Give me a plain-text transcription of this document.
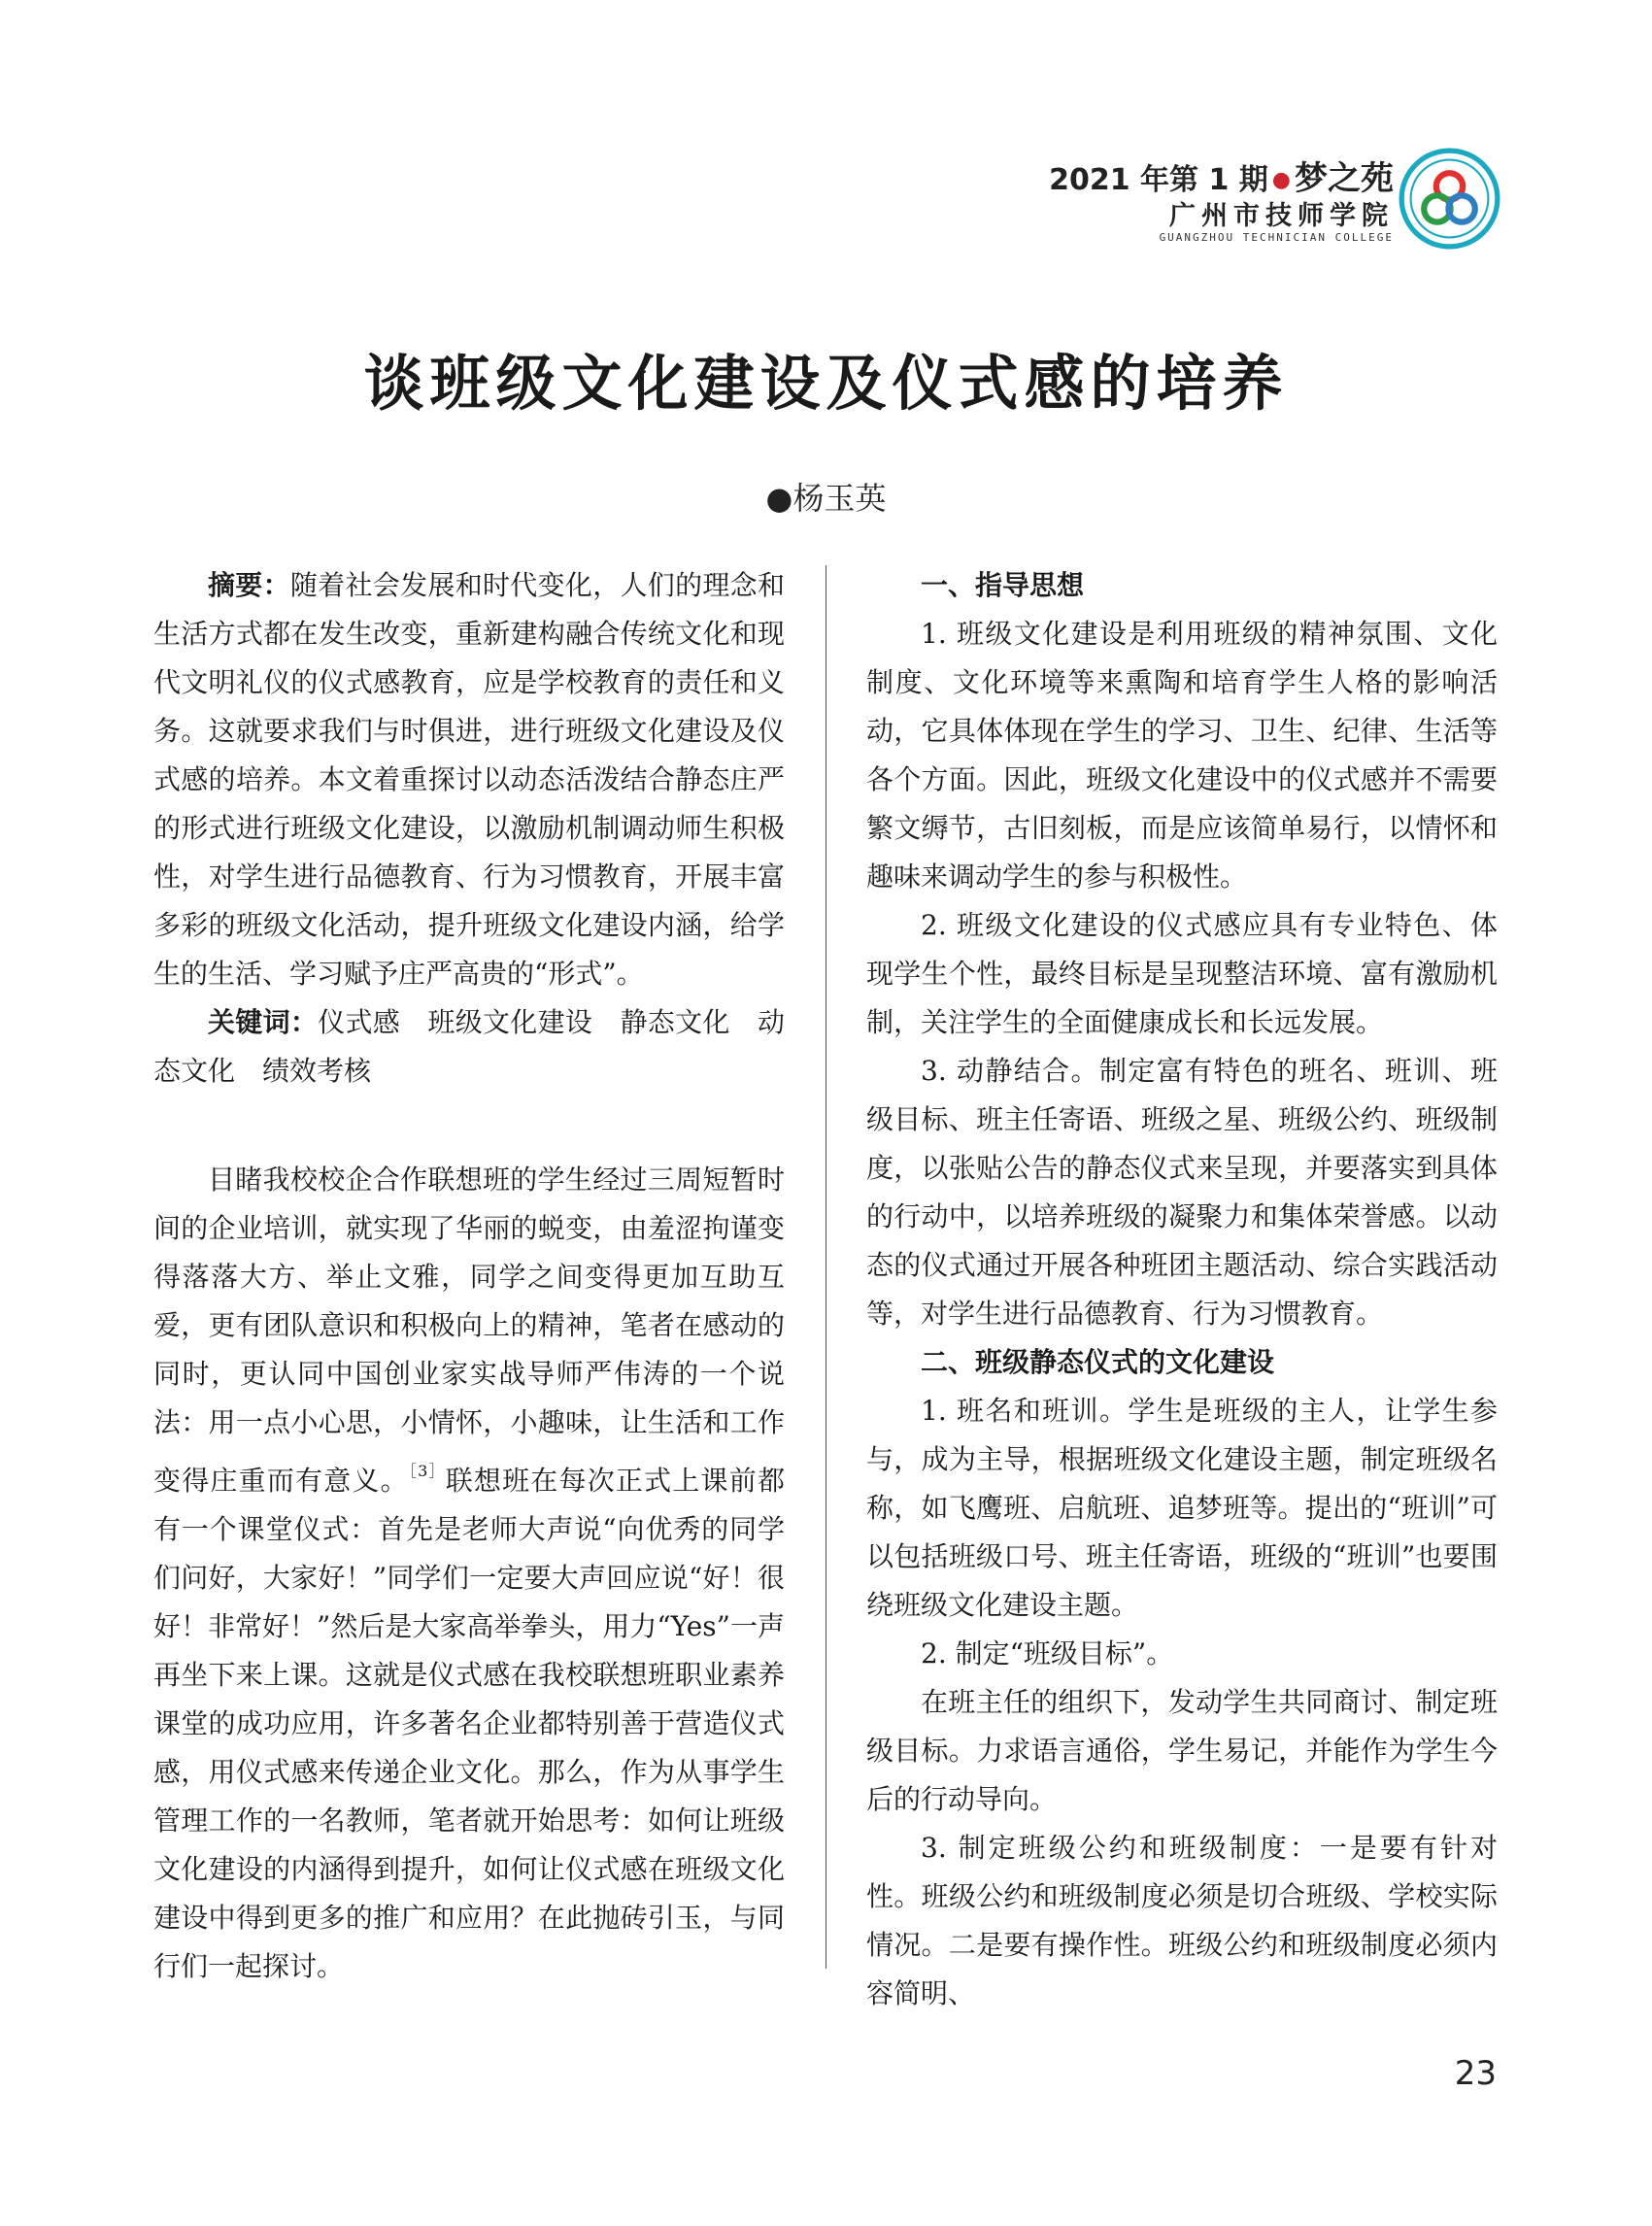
2021 年第 1 期 ● 梦之苑
广州市技师学院
GUANGZHOU TECHNICIAN COLLEGE
谈班级文化建设及仪式感的培养
●杨玉英

摘要：随着社会发展和时代变化，人们的理念和生活方式都在发生改变，重新建构融合传统文化和现代文明礼仪的仪式感教育，应是学校教育的责任和义务。这就要求我们与时俱进，进行班级文化建设及仪式感的培养。本文着重探讨以动态活泼结合静态庄严的形式进行班级文化建设，以激励机制调动师生积极性，对学生进行品德教育、行为习惯教育，开展丰富多彩的班级文化活动，提升班级文化建设内涵，给学生的生活、学习赋予庄严高贵的“形式”。

关键词：仪式感　班级文化建设　静态文化　动态文化　绩效考核

目睹我校校企合作联想班的学生经过三周短暂时间的企业培训，就实现了华丽的蜕变，由羞涩拘谨变得落落大方、举止文雅，同学之间变得更加互助互爱，更有团队意识和积极向上的精神，笔者在感动的同时，更认同中国创业家实战导师严伟涛的一个说法：用一点小心思，小情怀，小趣味，让生活和工作变得庄重而有意义。$^{[3]}$联想班在每次正式上课前都有一个课堂仪式：首先是老师大声说“向优秀的同学们问好，大家好！”同学们一定要大声回应说“好！很好！非常好！”然后是大家高举拳头，用力“Yes”一声再坐下来上课。这就是仪式感在我校联想班职业素养课堂的成功应用，许多著名企业都特别善于营造仪式感，用仪式感来传递企业文化。那么，作为从事学生管理工作的一名教师，笔者就开始思考：如何让班级文化建设的内涵得到提升，如何让仪式感在班级文化建设中得到更多的推广和应用？在此抛砖引玉，与同行们一起探讨。

一、指导思想

1. 班级文化建设是利用班级的精神氛围、文化制度、文化环境等来熏陶和培育学生人格的影响活动，它具体体现在学生的学习、卫生、纪律、生活等各个方面。因此，班级文化建设中的仪式感并不需要繁文缛节，古旧刻板，而是应该简单易行，以情怀和趣味来调动学生的参与积极性。

2. 班级文化建设的仪式感应具有专业特色、体现学生个性，最终目标是呈现整洁环境、富有激励机制，关注学生的全面健康成长和长远发展。

3. 动静结合。制定富有特色的班名、班训、班级目标、班主任寄语、班级之星、班级公约、班级制度，以张贴公告的静态仪式来呈现，并要落实到具体的行动中，以培养班级的凝聚力和集体荣誉感。以动态的仪式通过开展各种班团主题活动、综合实践活动等，对学生进行品德教育、行为习惯教育。

二、班级静态仪式的文化建设

1. 班名和班训。学生是班级的主人，让学生参与，成为主导，根据班级文化建设主题，制定班级名称，如飞鹰班、启航班、追梦班等。提出的“班训”可以包括班级口号、班主任寄语，班级的“班训”也要围绕班级文化建设主题。

2. 制定“班级目标”。

在班主任的组织下，发动学生共同商讨、制定班级目标。力求语言通俗，学生易记，并能作为学生今后的行动导向。

3. 制定班级公约和班级制度：一是要有针对性。班级公约和班级制度必须是切合班级、学校实际情况。二是要有操作性。班级公约和班级制度必须内容简明、

23
